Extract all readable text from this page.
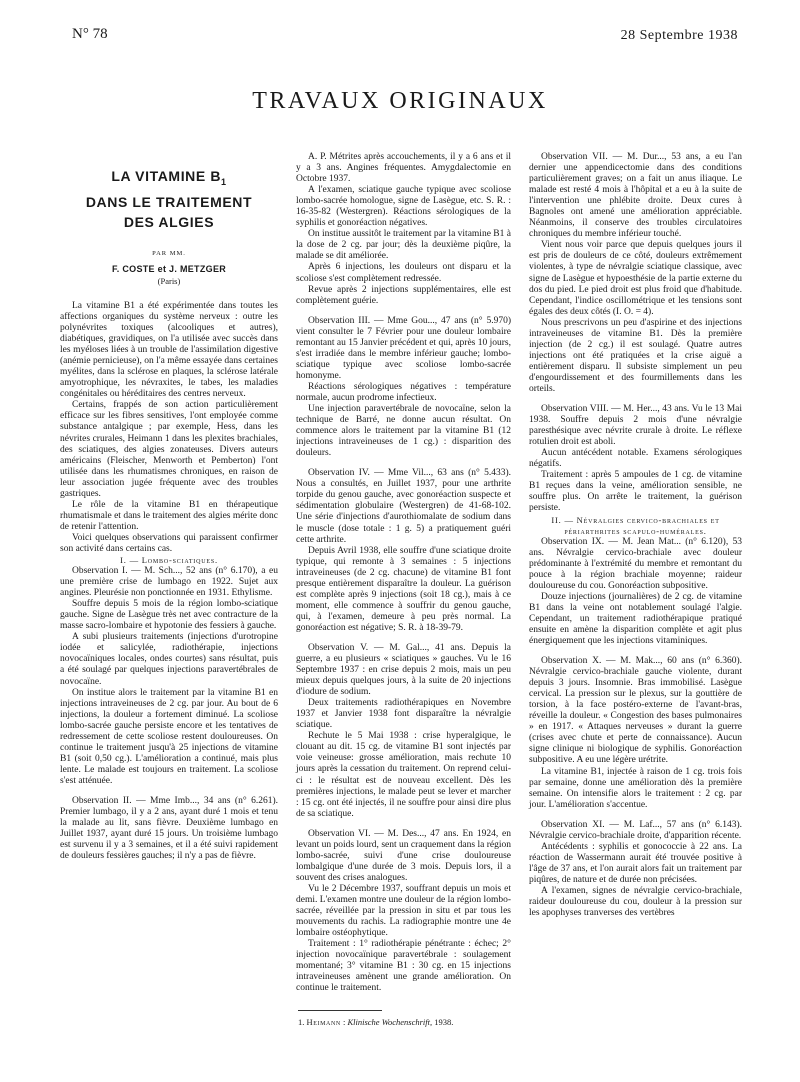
N° 78	28 Septembre 1938
TRAVAUX ORIGINAUX
LA VITAMINE $B_1$
DANS LE TRAITEMENT
DES ALGIES
PAR MM.
F. COSTE et J. METZGER
(Paris)

La vitamine B1 a été expérimentée dans toutes les affections organiques du système nerveux : outre les polynévrites toxiques (alcooliques et autres), diabétiques, gravidiques, on l'a utilisée avec succès dans les myéloses liées à un trouble de l'assimilation digestive (anémie pernicieuse), on l'a même essayée dans certaines myélites, dans la sclérose en plaques, la sclérose latérale amyotrophique, les névraxites, le tabes, les maladies congénitales ou héréditaires des centres nerveux.

Certains, frappés de son action particulièrement efficace sur les fibres sensitives, l'ont employée comme substance antalgique ; par exemple, Hess, dans les névrites crurales, Heimann 1 dans les plexites brachiales, des sciatiques, des algies zonateuses. Divers auteurs américains (Fleischer, Menworth et Pemberton) l'ont utilisée dans les rhumatismes chroniques, en raison de leur association jugée fréquente avec des troubles gastriques.

Le rôle de la vitamine B1 en thérapeutique rhumatismale et dans le traitement des algies mérite donc de retenir l'attention.

Voici quelques observations qui paraissent confirmer son activité dans certains cas.

I. — Lombo-sciatiques.

Observation I. — M. Sch..., 52 ans (n° 6.170), a eu une première crise de lumbago en 1922. Sujet aux angines. Pleurésie non ponctionnée en 1931. Ethylisme.

Souffre depuis 5 mois de la région lombo-sciatique gauche. Signe de Lasègue très net avec contracture de la masse sacro-lombaire et hypotonie des fessiers à gauche.

A subi plusieurs traitements (injections d'urotropine iodée et salicylée, radiothérapie, injections novocaïniques locales, ondes courtes) sans résultat, puis a été soulagé par quelques injections paravertébrales de novocaïne.

On institue alors le traitement par la vitamine B1 en injections intraveineuses de 2 cg. par jour. Au bout de 6 injections, la douleur a fortement diminué. La scoliose lombo-sacrée gauche persiste encore et les tentatives de redressement de cette scoliose restent douloureuses. On continue le traitement jusqu'à 25 injections de vitamine B1 (soit 0,50 cg.). L'amélioration a continué, mais plus lente. Le malade est toujours en traitement. La scoliose s'est atténuée.

Observation II. — Mme Imb..., 34 ans (n° 6.261). Premier lumbago, il y a 2 ans, ayant duré 1 mois et tenu la malade au lit, sans fièvre. Deuxième lumbago en Juillet 1937, ayant duré 15 jours. Un troisième lumbago est survenu il y a 3 semaines, et il a été suivi rapidement de douleurs fessières gauches; il n'y a pas de fièvre.

A. P. Métrites après accouchements, il y a 6 ans et il y a 3 ans. Angines fréquentes. Amygdalectomie en Octobre 1937.

A l'examen, sciatique gauche typique avec scoliose lombo-sacrée homologue, signe de Lasègue, etc. S. R. : 16-35-82 (Westergren). Réactions sérologiques de la syphilis et gonoréaction négatives.

On institue aussitôt le traitement par la vitamine B1 à la dose de 2 cg. par jour; dès la deuxième piqûre, la malade se dit améliorée.

Après 6 injections, les douleurs ont disparu et la scoliose s'est complètement redressée.

Revue après 2 injections supplémentaires, elle est complètement guérie.

Observation III. — Mme Gou..., 47 ans (n° 5.970) vient consulter le 7 Février pour une douleur lombaire remontant au 15 Janvier précédent et qui, après 10 jours, s'est irradiée dans le membre inférieur gauche; lombo-sciatique typique avec scoliose lombo-sacrée homonyme.

Réactions sérologiques négatives : température normale, aucun prodrome infectieux.

Une injection paravertébrale de novocaïne, selon la technique de Barré, ne donne aucun résultat. On commence alors le traitement par la vitamine B1 (12 injections intraveineuses de 1 cg.) : disparition des douleurs.

Observation IV. — Mme Vil..., 63 ans (n° 5.433). Nous a consultés, en Juillet 1937, pour une arthrite torpide du genou gauche, avec gonoréaction suspecte et sédimentation globulaire (Westergren) de 41-68-102. Une série d'injections d'aurothiomalate de sodium dans le muscle (dose totale : 1 g. 5) a pratiquement guéri cette arthrite.

Depuis Avril 1938, elle souffre d'une sciatique droite typique, qui remonte à 3 semaines : 5 injections intraveineuses (de 2 cg. chacune) de vitamine B1 font presque entièrement disparaître la douleur. La guérison est complète après 9 injections (soit 18 cg.), mais à ce moment, elle commence à souffrir du genou gauche, qui, à l'examen, demeure à peu près normal. La gonoréaction est négative; S. R. à 18-39-79.

Observation V. — M. Gal..., 41 ans. Depuis la guerre, a eu plusieurs « sciatiques » gauches. Vu le 16 Septembre 1937 : en crise depuis 2 mois, mais un peu mieux depuis quelques jours, à la suite de 20 injections d'iodure de sodium.

Deux traitements radiothérapiques en Novembre 1937 et Janvier 1938 font disparaître la névralgie sciatique.

Rechute le 5 Mai 1938 : crise hyperalgique, le clouant au dit. 15 cg. de vitamine B1 sont injectés par voie veineuse: grosse amélioration, mais rechute 10 jours après la cessation du traitement. On reprend celui-ci : le résultat est de nouveau excellent. Dès les premières injections, le malade peut se lever et marcher : 15 cg. ont été injectés, il ne souffre pour ainsi dire plus de sa sciatique.

Observation VI. — M. Des..., 47 ans. En 1924, en levant un poids lourd, sent un craquement dans la région lombo-sacrée, suivi d'une crise douloureuse lombalgique d'une durée de 3 mois. Depuis lors, il a souvent des crises analogues.

Vu le 2 Décembre 1937, souffrant depuis un mois et demi. L'examen montre une douleur de la région lombo-sacrée, réveillée par la pression in situ et par tous les mouvements du rachis. La radiographie montre une 4e lombaire ostéophytique.

Traitement : 1° radiothérapie pénétrante : échec; 2° injection novocaïnique paravertébrale : soulagement momentané; 3° vitamine B1 : 30 cg. en 15 injections intraveineuses amènent une grande amélioration. On continue le traitement.

Observation VII. — M. Dur..., 53 ans, a eu l'an dernier une appendicectomie dans des conditions particulièrement graves; on a fait un anus iliaque. Le malade est resté 4 mois à l'hôpital et a eu à la suite de l'intervention une phlébite droite. Deux cures à Bagnoles ont amené une amélioration appréciable. Néanmoins, il conserve des troubles circulatoires chroniques du membre inférieur touché.

Vient nous voir parce que depuis quelques jours il est pris de douleurs de ce côté, douleurs extrêmement violentes, à type de névralgie sciatique classique, avec signe de Lasègue et hypoesthésie de la partie externe du dos du pied. Le pied droit est plus froid que d'habitude. Cependant, l'indice oscillométrique et les tensions sont égales des deux côtés (I. O. = 4).

Nous prescrivons un peu d'aspirine et des injections intraveineuses de vitamine B1. Dès la première injection (de 2 cg.) il est soulagé. Quatre autres injections ont été pratiquées et la crise aiguë a entièrement disparu. Il subsiste simplement un peu d'engourdissement et des fourmillements dans les orteils.

Observation VIII. — M. Her..., 43 ans. Vu le 13 Mai 1938. Souffre depuis 2 mois d'une névralgie paresthésique avec névrite crurale à droite. Le réflexe rotulien droit est aboli.

Aucun antécédent notable. Examens sérologiques négatifs.

Traitement : après 5 ampoules de 1 cg. de vitamine B1 reçues dans la veine, amélioration sensible, ne souffre plus. On arrête le traitement, la guérison persiste.

II. — Névralgies cervico-brachiales et périarthrites scapulo-humérales.

Observation IX. — M. Jean Mat... (n° 6.120), 53 ans. Névralgie cervico-brachiale avec douleur prédominante à l'extrémité du membre et remontant du pouce à la région brachiale moyenne; raideur douloureuse du cou. Gonoréaction subpositive.

Douze injections (journalières) de 2 cg. de vitamine B1 dans la veine ont notablement soulagé l'algie. Cependant, un traitement radiothérapique pratiqué ensuite en amène la disparition complète et agit plus énergiquement que les injections vitaminiques.

Observation X. — M. Mak..., 60 ans (n° 6.360). Névralgie cervico-brachiale gauche violente, durant depuis 3 jours. Insomnie. Bras immobilisé. Lasègue cervical. La pression sur le plexus, sur la gouttière de torsion, à la face postéro-externe de l'avant-bras, réveille la douleur. « Congestion des bases pulmonaires » en 1917. « Attaques nerveuses » durant la guerre (crises avec chute et perte de connaissance). Aucun signe clinique ni biologique de syphilis. Gonoréaction subpositive. A eu une légère urétrite.

La vitamine B1, injectée à raison de 1 cg. trois fois par semaine, donne une amélioration dès la première semaine. On intensifie alors le traitement : 2 cg. par jour. L'amélioration s'accentue.

Observation XI. — M. Laf..., 57 ans (n° 6.143). Névralgie cervico-brachiale droite, d'apparition récente.

Antécédents : syphilis et gonococcie à 22 ans. La réaction de Wassermann aurait été trouvée positive à l'âge de 37 ans, et l'on aurait alors fait un traitement par piqûres, de nature et de durée non précisées.

A l'examen, signes de névralgie cervico-brachiale, raideur douloureuse du cou, douleur à la pression sur les apophyses tranverses des vertèbres

1. Heimann : Klinische Wochenschrift, 1938.
